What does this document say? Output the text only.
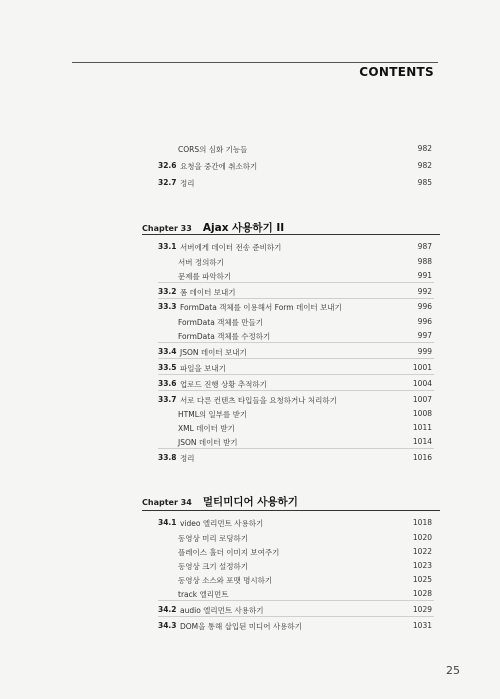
CONTENTS
CORS의 심화 기능들	982
32.6 요청을 중간에 취소하기	982
32.7 정리	985
Chapter 33 Ajax 사용하기 II
33.1 서버에게 데이터 전송 준비하기	987
서버 정의하기	988
문제를 파악하기	991
33.2 폼 데이터 보내기	992
33.3 FormData 객체를 이용해서 Form 데이터 보내기	996
FormData 객체를 만들기	996
FormData 객체를 수정하기	997
33.4 JSON 데이터 보내기	999
33.5 파일을 보내기	1001
33.6 업로드 진행 상황 추적하기	1004
33.7 서로 다른 컨텐츠 타입들을 요청하거나 처리하기	1007
HTML의 일부를 받기	1008
XML 데이터 받기	1011
JSON 데이터 받기	1014
33.8 정리	1016
Chapter 34 멀티미디어 사용하기
34.1 video 엘리먼트 사용하기	1018
동영상 미리 로딩하기	1020
플레이스 홀더 이미지 보여주기	1022
동영상 크기 설정하기	1023
동영상 소스와 포맷 명시하기	1025
track 엘리먼트	1028
34.2 audio 엘리먼트 사용하기	1029
34.3 DOM을 통해 삽입된 미디어 사용하기	1031
25
